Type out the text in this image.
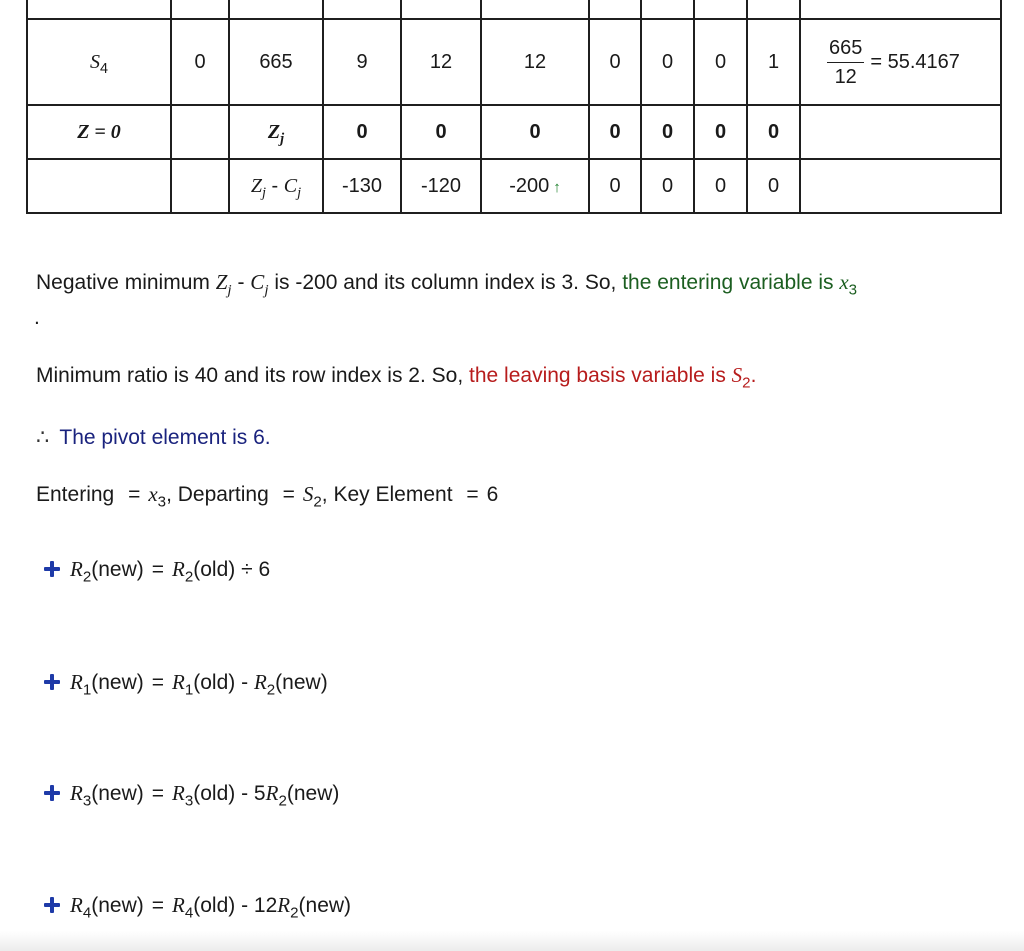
$S_4$	0	665	9	12	12	0	0	0	1	$\frac{665}{12} = 55.4167$
Z = 0		$Z_j$	0	0	0	0	0	0	0	
		$Z_j - C_j$	-130	-120	-200 ↑	0	0	0	0	
Negative minimum $Z_j - C_j$ is -200 and its column index is 3. So, the entering variable is $x_3$
.
Minimum ratio is 40 and its row index is 2. So, the leaving basis variable is $S_2$.
∴ The pivot element is 6.
Entering = $x_3$, Departing = $S_2$, Key Element = 6
$R_2(new) = R_2(old) \div 6$
$R_1(new) = R_1(old) - R_2(new)$
$R_3(new) = R_3(old) - 5R_2(new)$
$R_4(new) = R_4(old) - 12R_2(new)$
